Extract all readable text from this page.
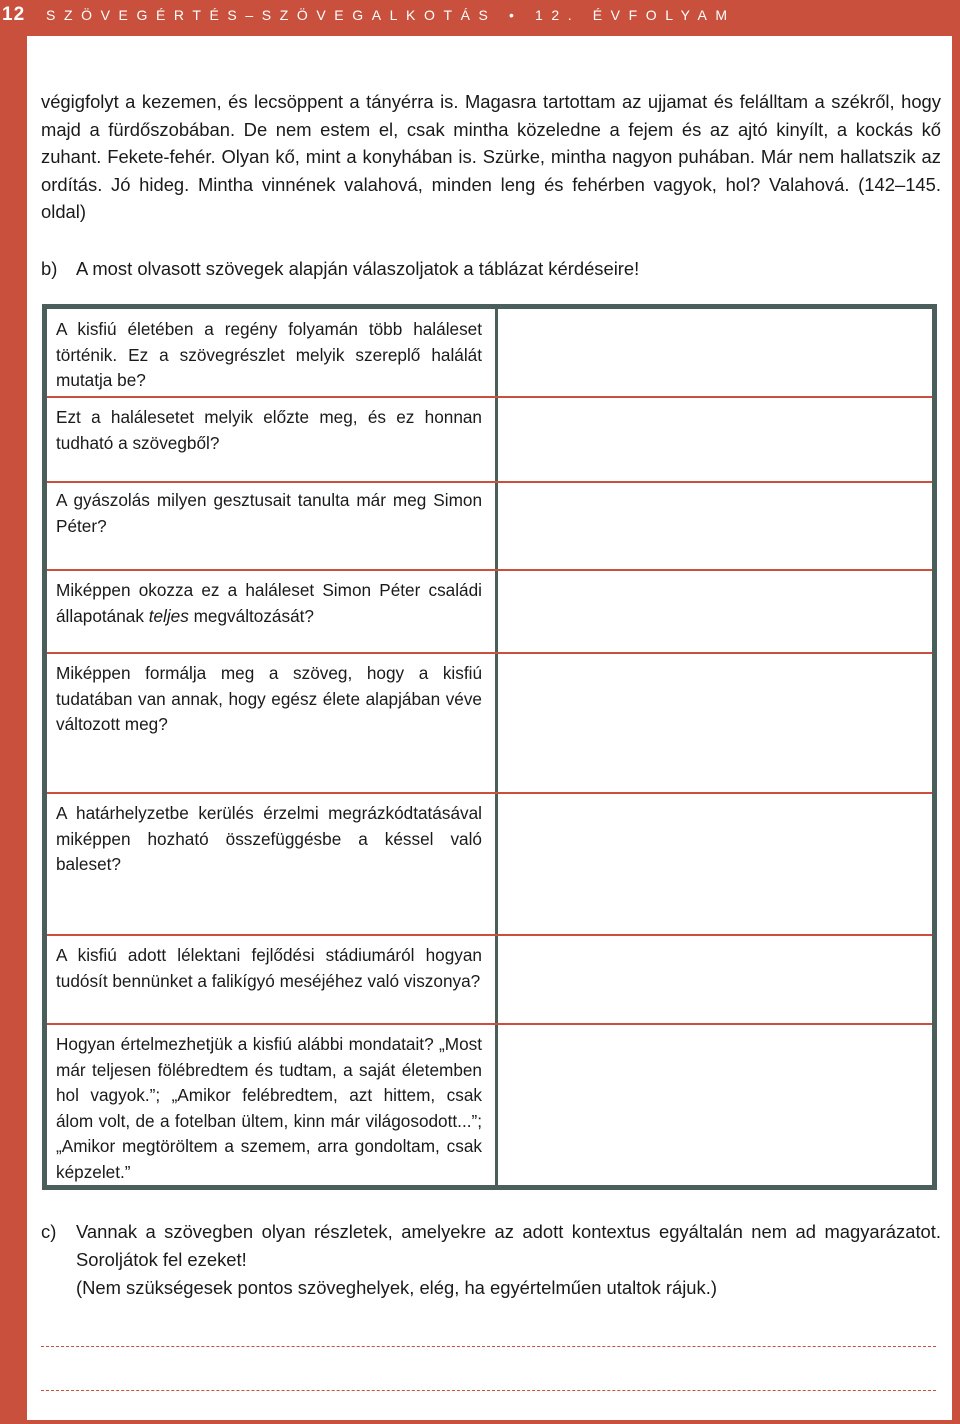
12 SZÖVEGÉRTÉS–SZÖVEGALKOTÁS • 12. ÉVFOLYAM

végigfolyt a kezemen, és lecsöppent a tányérra is. Magasra tartottam az ujjamat és felálltam a székről, hogy majd a fürdőszobában. De nem estem el, csak mintha közeledne a fejem és az ajtó kinyílt, a kockás kő zuhant. Fekete-fehér. Olyan kő, mint a konyhában is. Szürke, mintha nagyon puhában. Már nem hallatszik az ordítás. Jó hideg. Mintha vinnének valahová, minden leng és fehérben vagyok, hol? Valahová. (142–145. oldal)

b) A most olvasott szövegek alapján válaszoljatok a táblázat kérdéseire!
A kisfiú életében a regény folyamán több haláleset történik. Ez a szövegrészlet melyik szereplő halálát mutatja be?
Ezt a halálesetet melyik előzte meg, és ez honnan tudható a szövegből?
A gyászolás milyen gesztusait tanulta már meg Simon Péter?
Miképpen okozza ez a haláleset Simon Péter családi állapotának teljes megváltozását?
Miképpen formálja meg a szöveg, hogy a kisfiú tudatában van annak, hogy egész élete alapjában véve változott meg?
A határhelyzetbe kerülés érzelmi megrázkódtatásával miképpen hozható összefüggésbe a késsel való baleset?
A kisfiú adott lélektani fejlődési stádiumáról hogyan tudósít bennünket a falikígyó meséjéhez való viszonya?
Hogyan értelmezhetjük a kisfiú alábbi mondatait? „Most már teljesen fölébredtem és tudtam, a saját életemben hol vagyok.”; „Amikor felébredtem, azt hittem, csak álom volt, de a fotelban ültem, kinn már világosodott...”; „Amikor megtöröltem a szemem, arra gondoltam, csak képzelet.”
c) Vannak a szövegben olyan részletek, amelyekre az adott kontextus egyáltalán nem ad magyarázatot. Soroljátok fel ezeket!
(Nem szükségesek pontos szöveghelyek, elég, ha egyértelműen utaltok rájuk.)
